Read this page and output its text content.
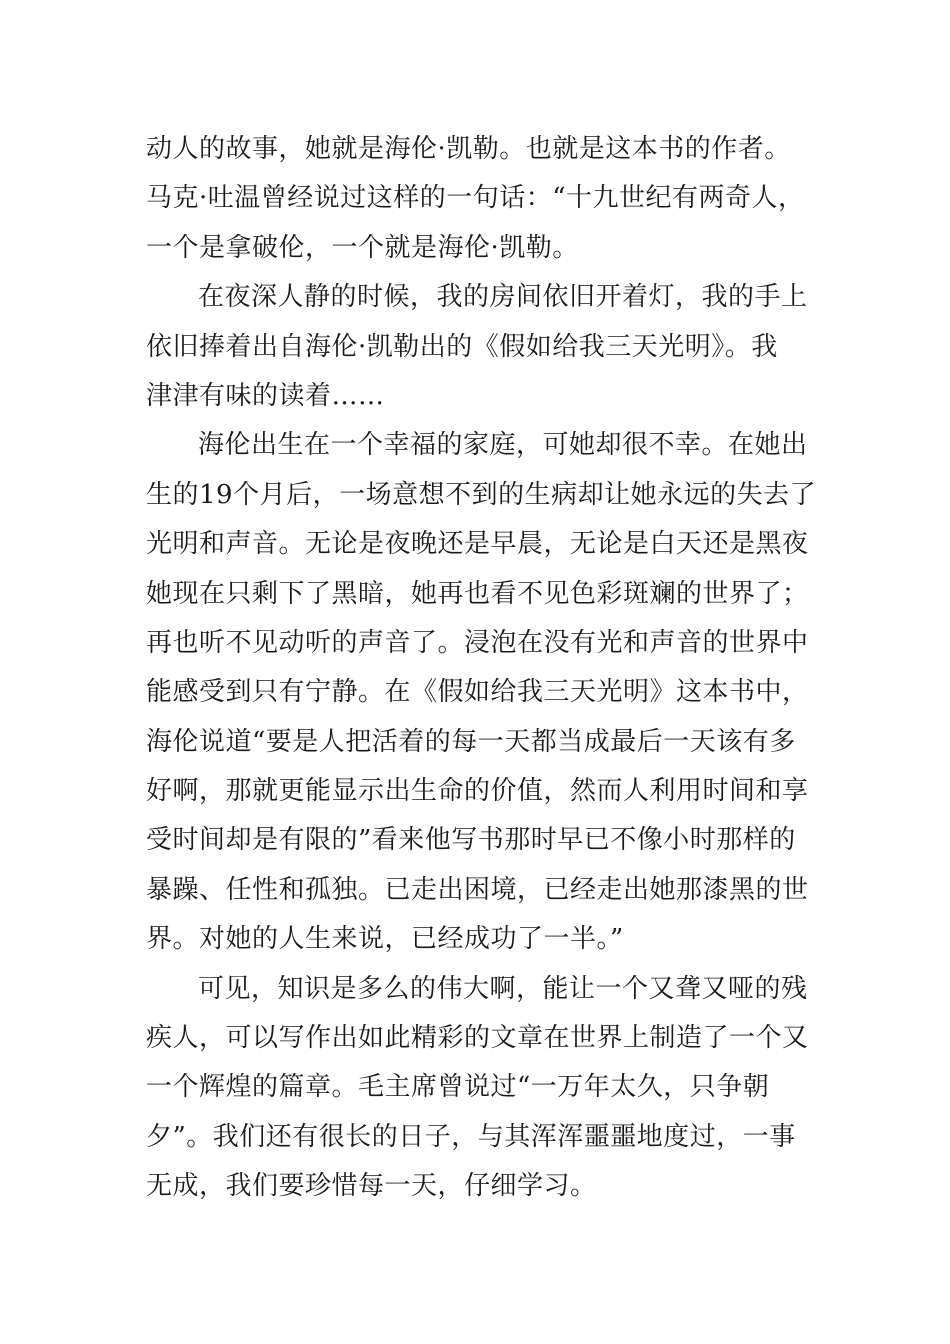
动人的故事，她就是海伦·凯勒。也就是这本书的作者。
马克·吐温曾经说过这样的一句话：“十九世纪有两奇人，
一个是拿破伦，一个就是海伦·凯勒。
在夜深人静的时候，我的房间依旧开着灯，我的手上
依旧捧着出自海伦·凯勒出的《假如给我三天光明》。我
津津有味的读着……
海伦出生在一个幸福的家庭，可她却很不幸。在她出
生的19个月后，一场意想不到的生病却让她永远的失去了
光明和声音。无论是夜晚还是早晨，无论是白天还是黑夜
她现在只剩下了黑暗，她再也看不见色彩斑斓的世界了；
再也听不见动听的声音了。浸泡在没有光和声音的世界中
能感受到只有宁静。在《假如给我三天光明》这本书中，
海伦说道“要是人把活着的每一天都当成最后一天该有多
好啊，那就更能显示出生命的价值，然而人利用时间和享
受时间却是有限的”看来他写书那时早已不像小时那样的
暴躁、任性和孤独。已走出困境，已经走出她那漆黑的世
界。对她的人生来说，已经成功了一半。”
可见，知识是多么的伟大啊，能让一个又聋又哑的残
疾人，可以写作出如此精彩的文章在世界上制造了一个又
一个辉煌的篇章。毛主席曾说过“一万年太久，只争朝
夕”。我们还有很长的日子，与其浑浑噩噩地度过，一事
无成，我们要珍惜每一天，仔细学习。
